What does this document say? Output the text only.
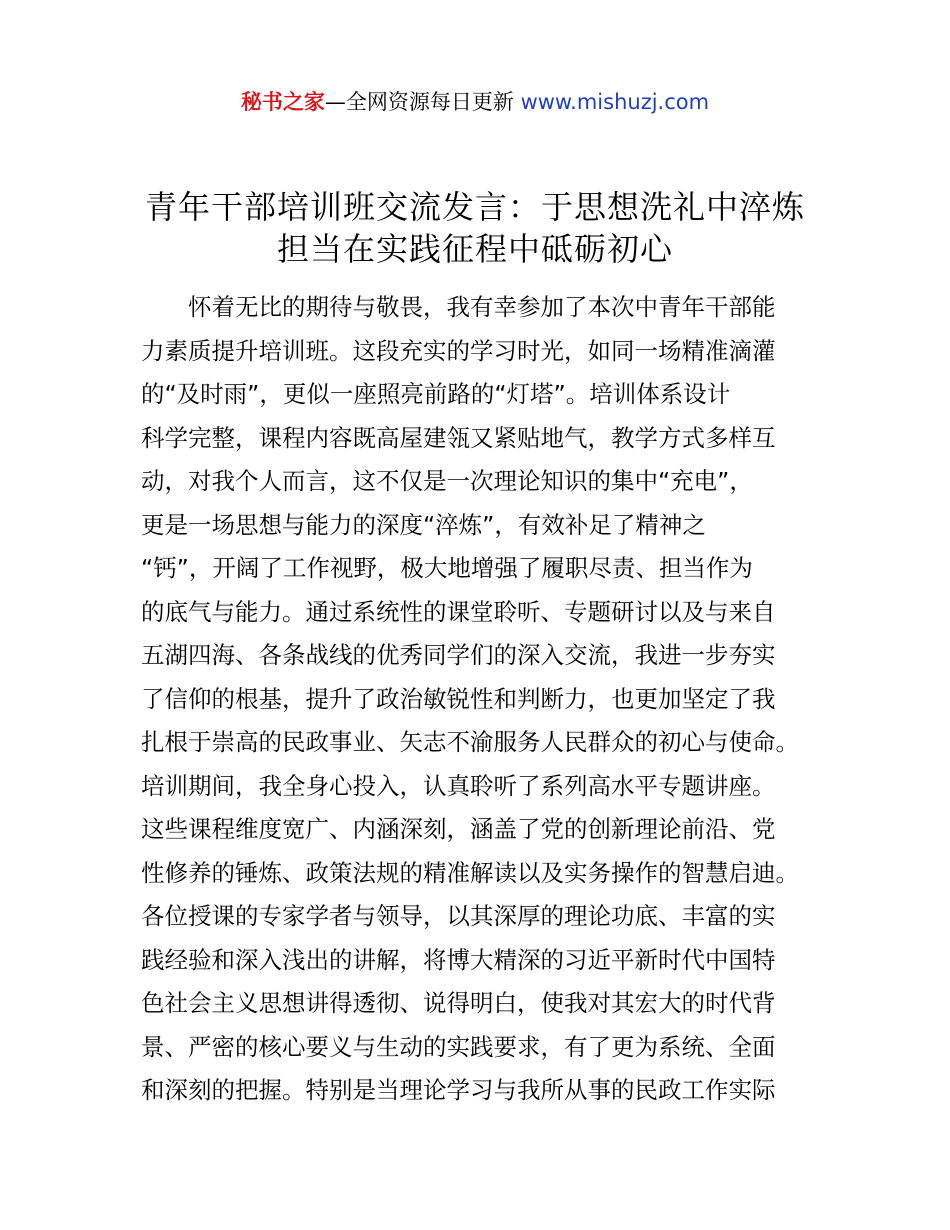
秘书之家—全网资源每日更新 www.mishuzj.com
青年干部培训班交流发言：于思想洗礼中淬炼
担当在实践征程中砥砺初心
怀着无比的期待与敬畏，我有幸参加了本次中青年干部能
力素质提升培训班。这段充实的学习时光，如同一场精准滴灌
的“及时雨”，更似一座照亮前路的“灯塔”。培训体系设计
科学完整，课程内容既高屋建瓴又紧贴地气，教学方式多样互
动，对我个人而言，这不仅是一次理论知识的集中“充电”，
更是一场思想与能力的深度“淬炼”，有效补足了精神之
“钙”，开阔了工作视野，极大地增强了履职尽责、担当作为
的底气与能力。通过系统性的课堂聆听、专题研讨以及与来自
五湖四海、各条战线的优秀同学们的深入交流，我进一步夯实
了信仰的根基，提升了政治敏锐性和判断力，也更加坚定了我
扎根于崇高的民政事业、矢志不渝服务人民群众的初心与使命。
培训期间，我全身心投入，认真聆听了系列高水平专题讲座。
这些课程维度宽广、内涵深刻，涵盖了党的创新理论前沿、党
性修养的锤炼、政策法规的精准解读以及实务操作的智慧启迪。
各位授课的专家学者与领导，以其深厚的理论功底、丰富的实
践经验和深入浅出的讲解，将博大精深的习近平新时代中国特
色社会主义思想讲得透彻、说得明白，使我对其宏大的时代背
景、严密的核心要义与生动的实践要求，有了更为系统、全面
和深刻的把握。特别是当理论学习与我所从事的民政工作实际
